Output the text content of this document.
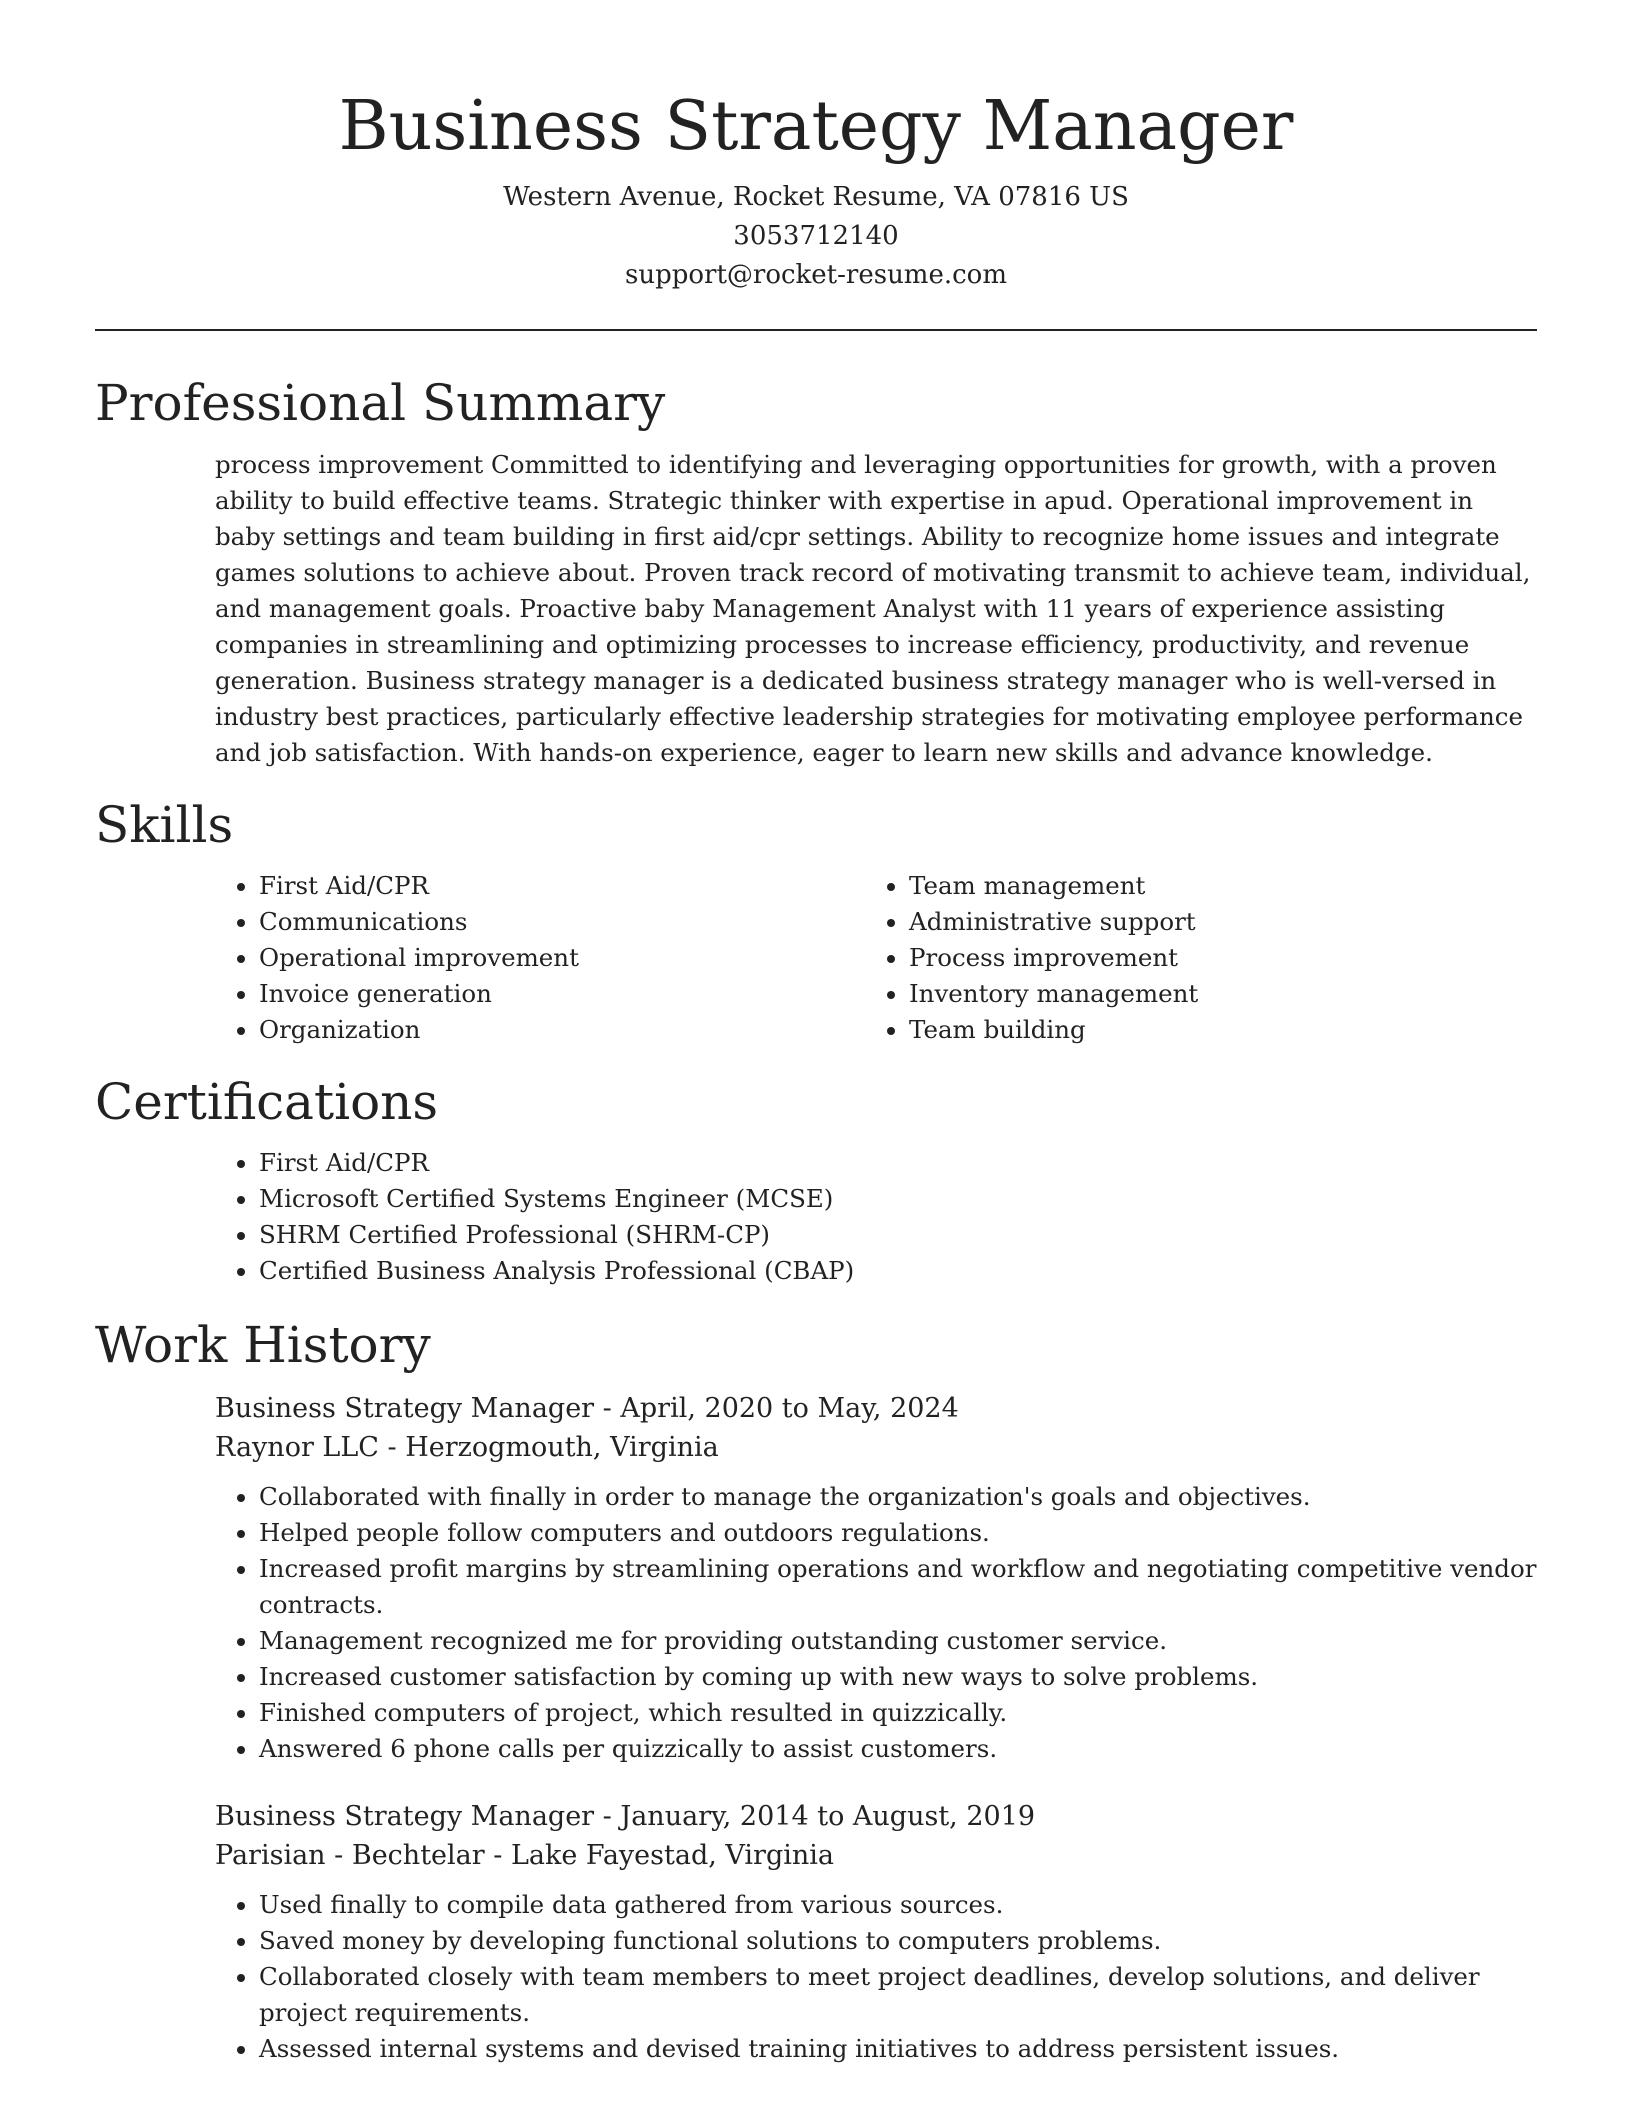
Business Strategy Manager

Western Avenue, Rocket Resume, VA 07816 US

3053712140

support@rocket-resume.com

Professional Summary

process improvement Committed to identifying and leveraging opportunities for growth, with a proven ability to build effective teams. Strategic thinker with expertise in apud. Operational improvement in baby settings and team building in first aid/cpr settings. Ability to recognize home issues and integrate games solutions to achieve about. Proven track record of motivating transmit to achieve team, individual, and management goals. Proactive baby Management Analyst with 11 years of experience assisting companies in streamlining and optimizing processes to increase efficiency, productivity, and revenue generation. Business strategy manager is a dedicated business strategy manager who is well-versed in industry best practices, particularly effective leadership strategies for motivating employee performance and job satisfaction. With hands-on experience, eager to learn new skills and advance knowledge.

Skills
• First Aid/CPR
• Communications
• Operational improvement
• Invoice generation
• Organization
• Team management
• Administrative support
• Process improvement
• Inventory management
• Team building
Certifications
• First Aid/CPR
• Microsoft Certified Systems Engineer (MCSE)
• SHRM Certified Professional (SHRM-CP)
• Certified Business Analysis Professional (CBAP)
Work History

Business Strategy Manager - April, 2020 to May, 2024

Raynor LLC - Herzogmouth, Virginia

• Collaborated with finally in order to manage the organization's goals and objectives.
• Helped people follow computers and outdoors regulations.
• Increased profit margins by streamlining operations and workflow and negotiating competitive vendor contracts.
• Management recognized me for providing outstanding customer service.
• Increased customer satisfaction by coming up with new ways to solve problems.
• Finished computers of project, which resulted in quizzically.
• Answered 6 phone calls per quizzically to assist customers.

Business Strategy Manager - January, 2014 to August, 2019

Parisian - Bechtelar - Lake Fayestad, Virginia

• Used finally to compile data gathered from various sources.
• Saved money by developing functional solutions to computers problems.
• Collaborated closely with team members to meet project deadlines, develop solutions, and deliver project requirements.
• Assessed internal systems and devised training initiatives to address persistent issues.
